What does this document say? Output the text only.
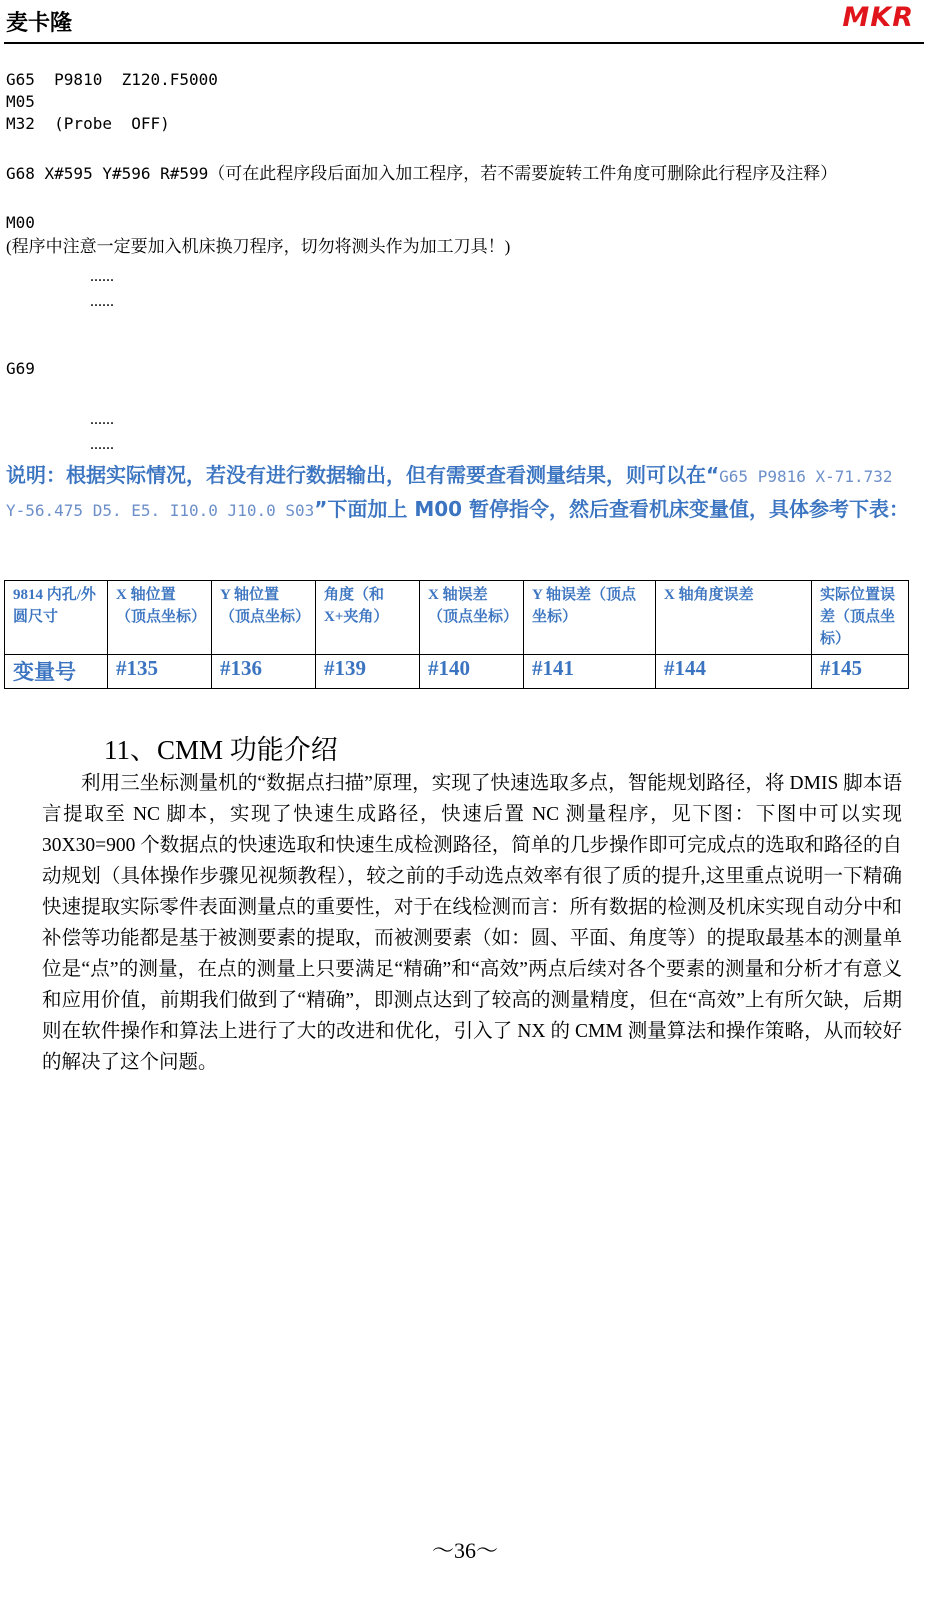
麦卡隆	MKR
G65  P9810  Z120.F5000
M05
M32  (Probe  OFF)
G68 X#595 Y#596 R#599（可在此程序段后面加入加工程序，若不需要旋转工件角度可删除此行程序及注释）
M00
(程序中注意一定要加入机床换刀程序，切勿将测头作为加工刀具！)
......
......
G69
......
......
说明：根据实际情况，若没有进行数据输出，但有需要查看测量结果，则可以在“G65 P9816 X-71.732 Y-56.475 D5. E5. I10.0 J10.0 S03”下面加上 M00 暂停指令，然后查看机床变量值，具体参考下表：
9814 内孔/外圆尺寸	X 轴位置（顶点坐标）	Y 轴位置（顶点坐标）	角度（和 X+夹角）	X 轴误差（顶点坐标）	Y 轴误差（顶点坐标）	X 轴角度误差	实际位置误差（顶点坐标）
变量号	#135	#136	#139	#140	#141	#144	#145
11、CMM 功能介绍
利用三坐标测量机的“数据点扫描”原理，实现了快速选取多点，智能规划路径，将 DMIS 脚本语言提取至 NC 脚本，实现了快速生成路径，快速后置 NC 测量程序，见下图：下图中可以实现 30X30=900 个数据点的快速选取和快速生成检测路径，简单的几步操作即可完成点的选取和路径的自动规划（具体操作步骤见视频教程），较之前的手动选点效率有很了质的提升,这里重点说明一下精确快速提取实际零件表面测量点的重要性，对于在线检测而言：所有数据的检测及机床实现自动分中和补偿等功能都是基于被测要素的提取，而被测要素（如：圆、平面、角度等）的提取最基本的测量单位是“点”的测量，在点的测量上只要满足“精确”和“高效”两点后续对各个要素的测量和分析才有意义和应用价值，前期我们做到了“精确”，即测点达到了较高的测量精度，但在“高效”上有所欠缺，后期则在软件操作和算法上进行了大的改进和优化，引入了 NX 的 CMM 测量算法和操作策略，从而较好的解决了这个问题。
～36～
